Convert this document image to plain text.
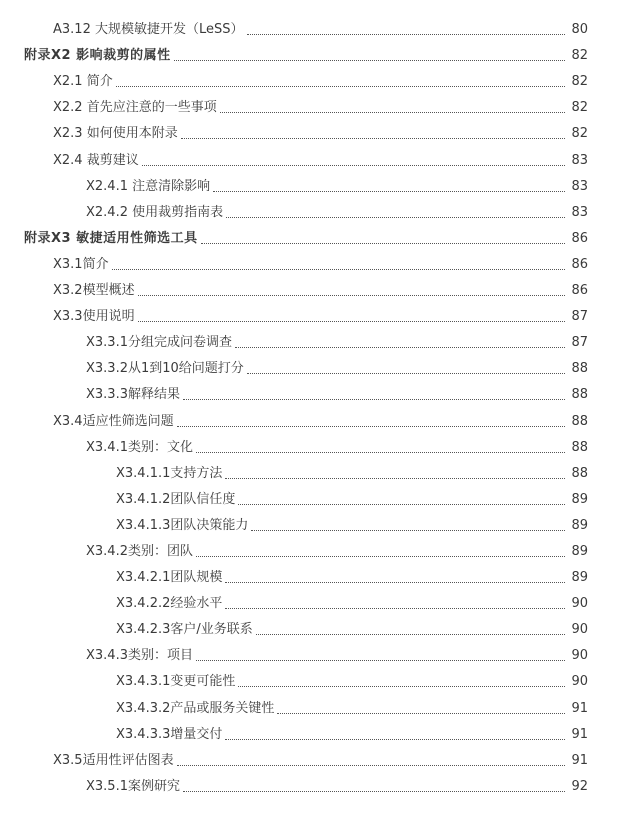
A3.12 大规模敏捷开发（LeSS）	80
附录X2 影响裁剪的属性	82
X2.1 简介	82
X2.2 首先应注意的一些事项	82
X2.3 如何使用本附录	82
X2.4 裁剪建议	83
X2.4.1 注意清除影响	83
X2.4.2 使用裁剪指南表	83
附录X3 敏捷适用性筛选工具	86
X3.1简介	86
X3.2模型概述	86
X3.3使用说明	87
X3.3.1分组完成问卷调查	87
X3.3.2从1到10给问题打分	88
X3.3.3解释结果	88
X3.4适应性筛选问题	88
X3.4.1类别：文化	88
X3.4.1.1支持方法	88
X3.4.1.2团队信任度	89
X3.4.1.3团队决策能力	89
X3.4.2类别：团队	89
X3.4.2.1团队规模	89
X3.4.2.2经验水平	90
X3.4.2.3客户/业务联系	90
X3.4.3类别：项目	90
X3.4.3.1变更可能性	90
X3.4.3.2产品或服务关键性	91
X3.4.3.3增量交付	91
X3.5适用性评估图表	91
X3.5.1案例研究	92
